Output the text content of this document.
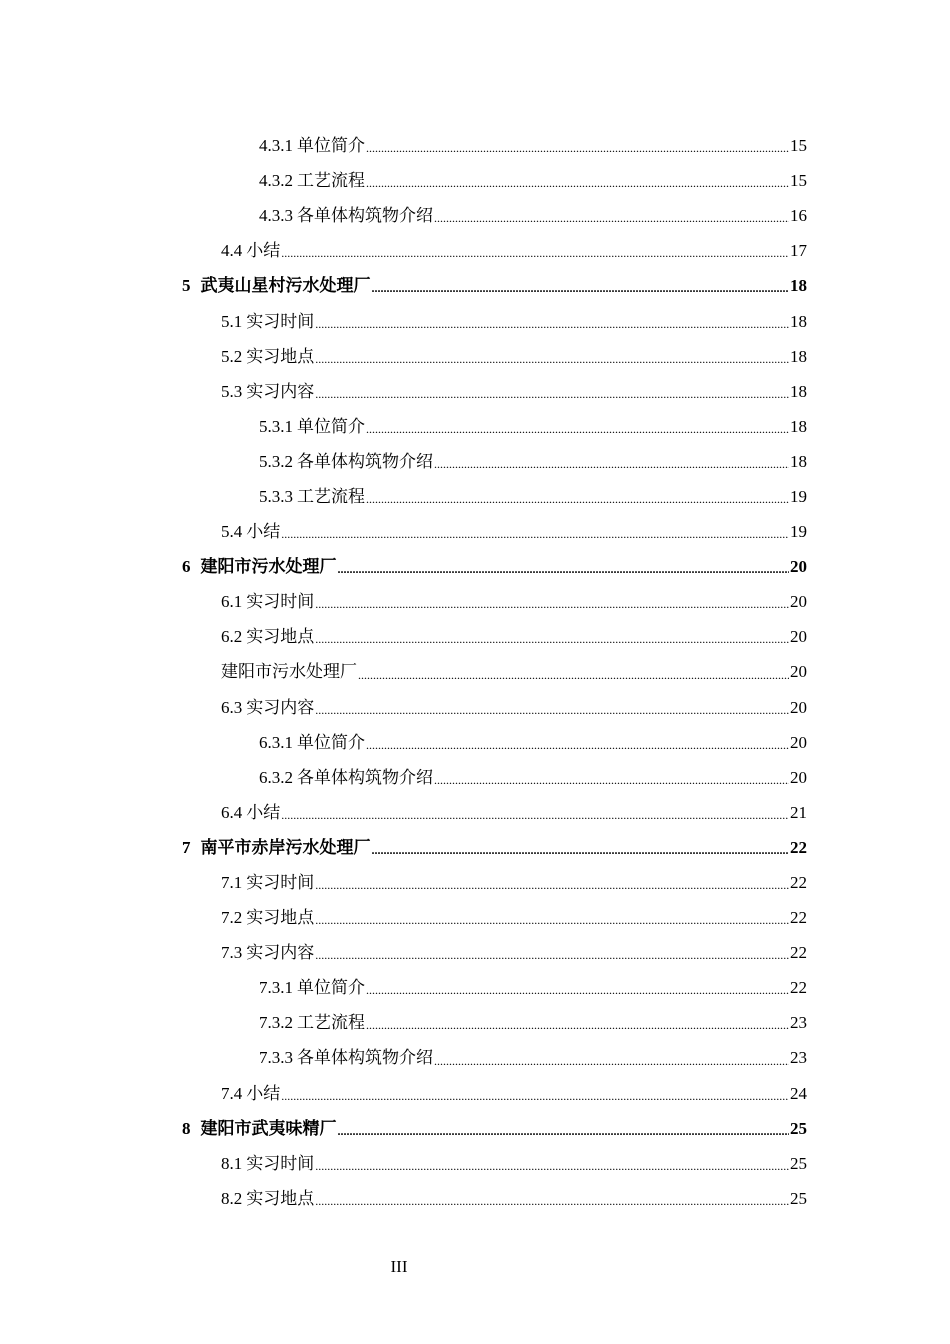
4.3.1 单位简介 .....	15
4.3.2 工艺流程 .....	15
4.3.3 各单体构筑物介绍 .....	16
4.4 小结 .....	17
5 武夷山星村污水处理厂 .....	18
5.1 实习时间 .....	18
5.2 实习地点 .....	18
5.3 实习内容 .....	18
5.3.1 单位简介 .....	18
5.3.2 各单体构筑物介绍 .....	18
5.3.3 工艺流程 .....	19
5.4 小结 .....	19
6 建阳市污水处理厂 .....	20
6.1 实习时间 .....	20
6.2 实习地点 .....	20
建阳市污水处理厂 .....	20
6.3 实习内容 .....	20
6.3.1 单位简介 .....	20
6.3.2 各单体构筑物介绍 .....	20
6.4 小结 .....	21
7 南平市赤岸污水处理厂 .....	22
7.1 实习时间 .....	22
7.2 实习地点 .....	22
7.3 实习内容 .....	22
7.3.1 单位简介 .....	22
7.3.2 工艺流程 .....	23
7.3.3 各单体构筑物介绍 .....	23
7.4 小结 .....	24
8 建阳市武夷味精厂 .....	25
8.1 实习时间 .....	25
8.2 实习地点 .....	25
III
